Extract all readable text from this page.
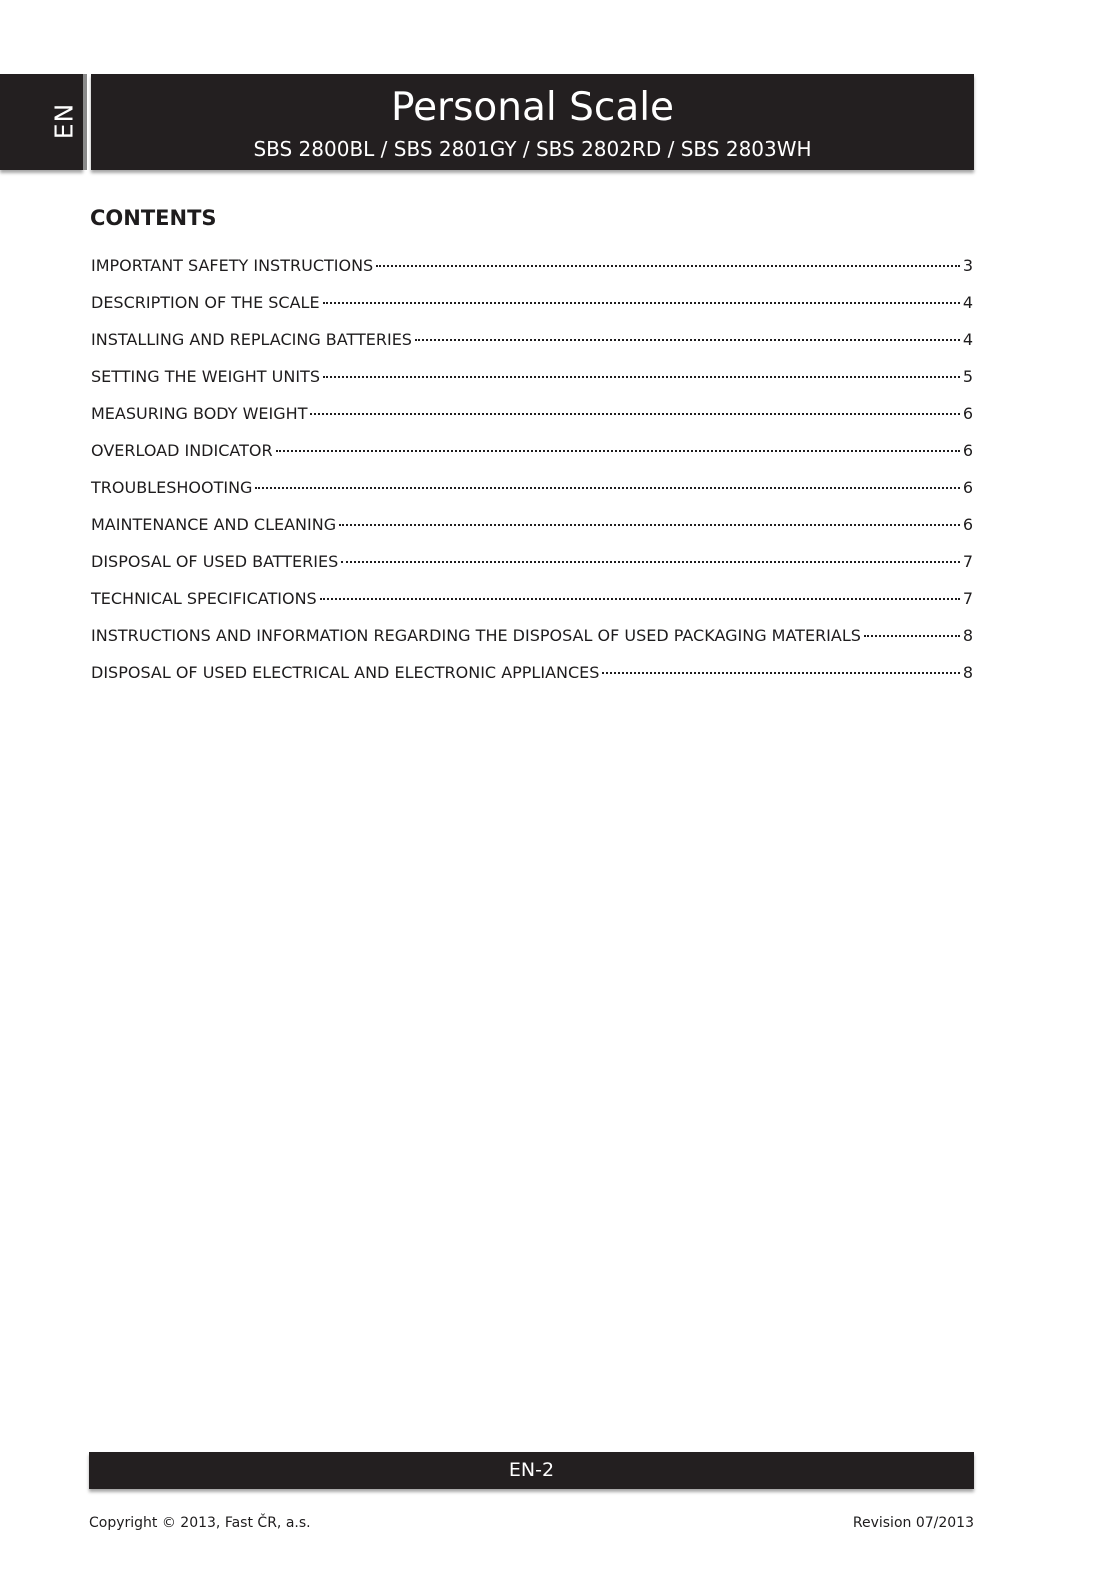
EN	Personal Scale
SBS 2800BL / SBS 2801GY / SBS 2802RD / SBS 2803WH
CONTENTS
IMPORTANT SAFETY INSTRUCTIONS	3
DESCRIPTION OF THE SCALE	4
INSTALLING AND REPLACING BATTERIES	4
SETTING THE WEIGHT UNITS	5
MEASURING BODY WEIGHT	6
OVERLOAD INDICATOR	6
TROUBLESHOOTING	6
MAINTENANCE AND CLEANING	6
DISPOSAL OF USED BATTERIES	7
TECHNICAL SPECIFICATIONS	7
INSTRUCTIONS AND INFORMATION REGARDING THE DISPOSAL OF USED PACKAGING MATERIALS	8
DISPOSAL OF USED ELECTRICAL AND ELECTRONIC APPLIANCES	8
EN-2
Copyright © 2013, Fast ČR, a.s.	Revision 07/2013
